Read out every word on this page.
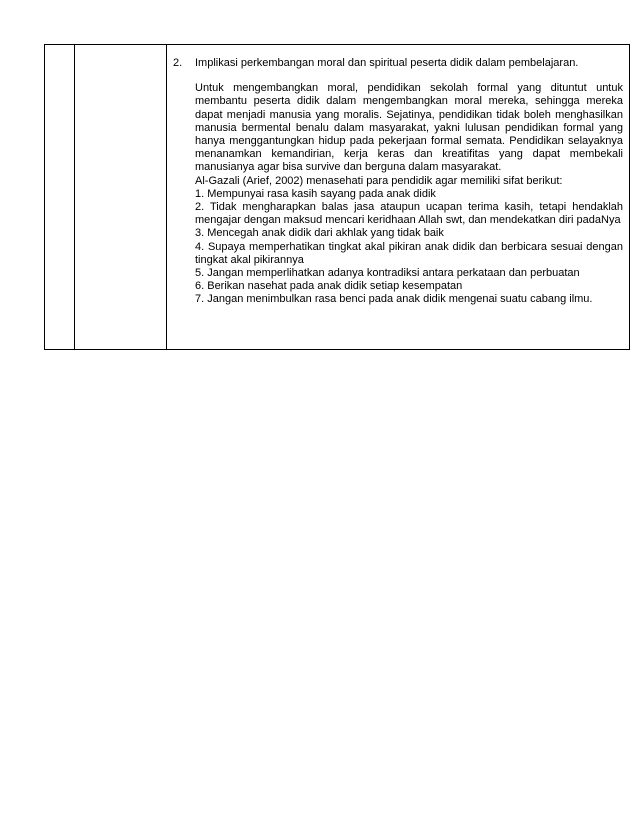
2.	Implikasi perkembangan moral dan spiritual peserta didik dalam pembelajaran.

Untuk mengembangkan moral, pendidikan sekolah formal yang dituntut untuk membantu peserta didik dalam mengembangkan moral mereka, sehingga mereka dapat menjadi manusia yang moralis. Sejatinya, pendidikan tidak boleh menghasilkan manusia bermental benalu dalam masyarakat, yakni lulusan pendidikan formal yang hanya menggantungkan hidup pada pekerjaan formal semata. Pendidikan selayaknya menanamkan kemandirian, kerja keras dan kreatifitas yang dapat membekali manusianya agar bisa survive dan berguna dalam masyarakat.

Al-Gazali (Arief, 2002) menasehati para pendidik agar memiliki sifat berikut:

1. Mempunyai rasa kasih sayang pada anak didik

2. Tidak mengharapkan balas jasa ataupun ucapan terima kasih, tetapi hendaklah mengajar dengan maksud mencari keridhaan Allah swt, dan mendekatkan diri padaNya

3. Mencegah anak didik dari akhlak yang tidak baik

4. Supaya memperhatikan tingkat akal pikiran anak didik dan berbicara sesuai dengan tingkat akal pikirannya

5. Jangan memperlihatkan adanya kontradiksi antara perkataan dan perbuatan

6. Berikan nasehat pada anak didik setiap kesempatan

7. Jangan menimbulkan rasa benci pada anak didik mengenai suatu cabang ilmu.
